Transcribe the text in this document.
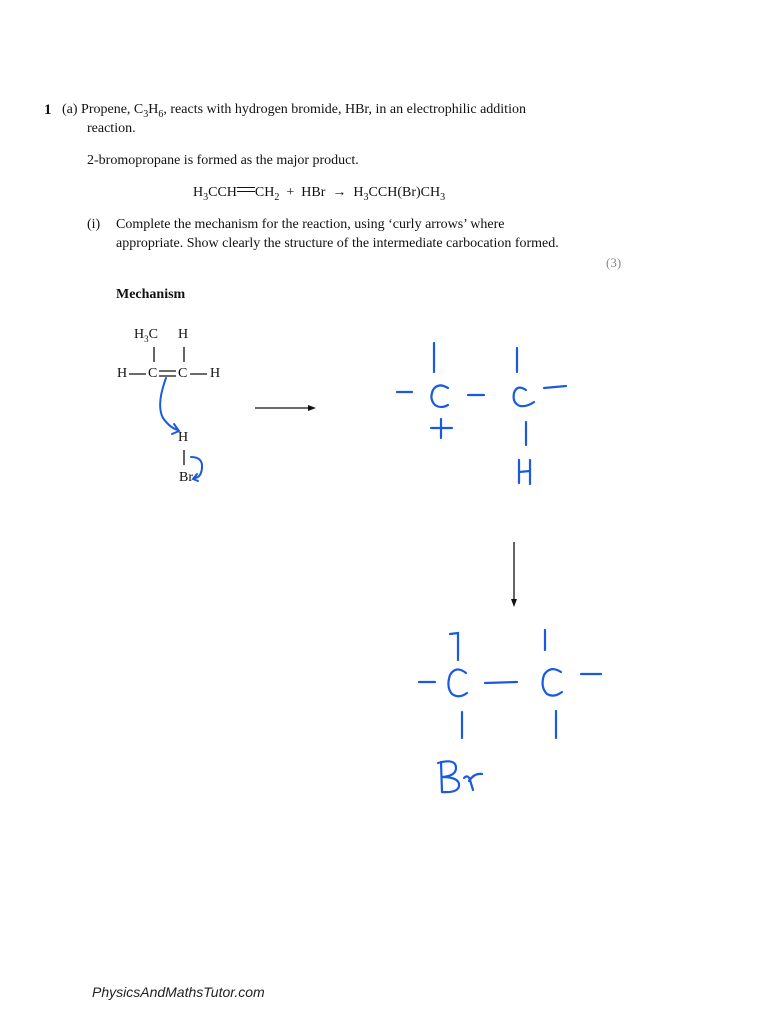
1 (a) Propene, $C_3H_6$, reacts with hydrogen bromide, HBr, in an electrophilic addition
reaction.
2-bromopropane is formed as the major product.
$H_3CCH$ $CH_2$ + HBr → $H_3CCH(Br)CH_3$
(i) Complete the mechanism for the reaction, using ‘curly arrows’ where
appropriate. Show clearly the structure of the intermediate carbocation formed.
(3)
Mechanism
$H_3C$ H
H C C H
H
Br
PhysicsAndMathsTutor.com
